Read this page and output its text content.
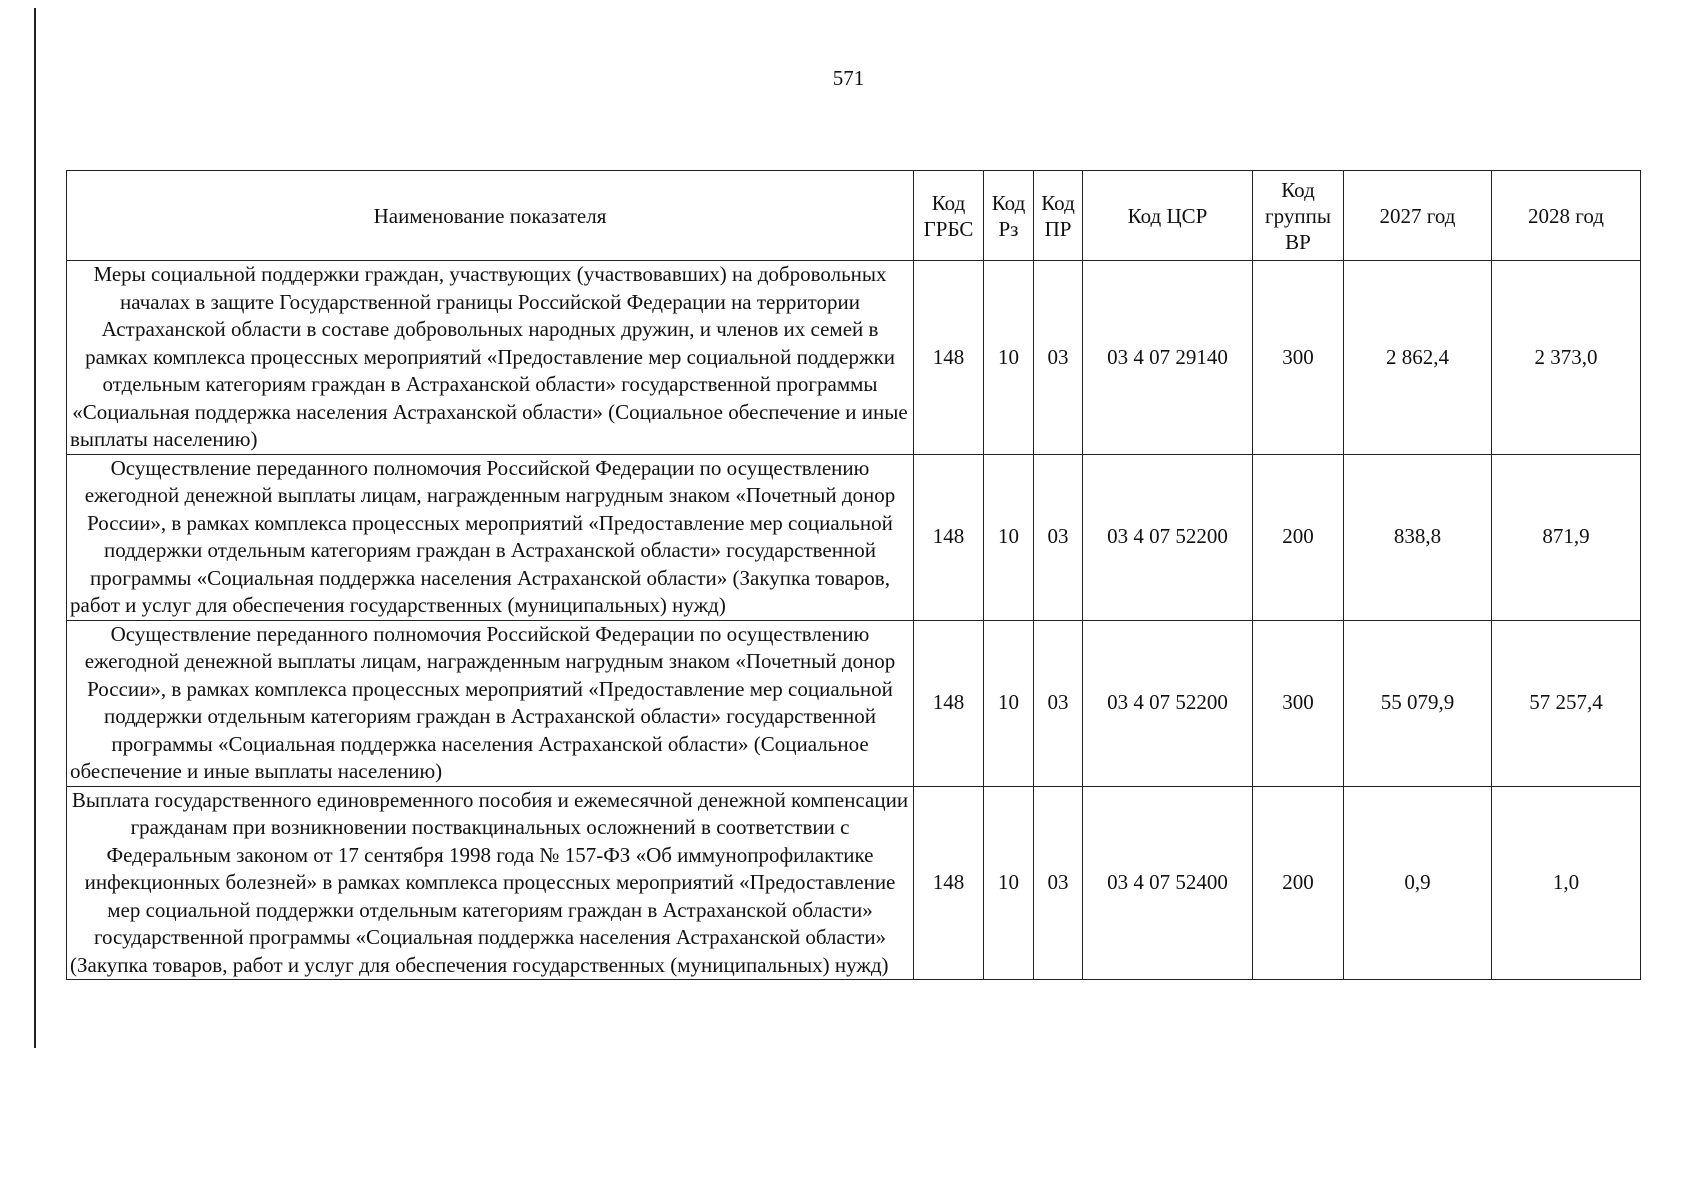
571
Наименование показателя	Код ГРБС	Код Рз	Код ПР	Код ЦСР	Код группы ВР	2027 год	2028 год
Меры социальной поддержки граждан, участвующих (участвовавших) на добровольных началах в защите Государственной границы Российской Федерации на территории Астраханской области в составе добровольных народных дружин, и членов их семей в рамках комплекса процессных мероприятий «Предоставление мер социальной поддержки отдельным категориям граждан в Астраханской области» государственной программы «Социальная поддержка населения Астраханской области» (Социальное обеспечение и иные выплаты населению)	148	10	03	03 4 07 29140	300	2 862,4	2 373,0
Осуществление переданного полномочия Российской Федерации по осуществлению ежегодной денежной выплаты лицам, награжденным нагрудным знаком «Почетный донор России», в рамках комплекса процессных мероприятий «Предоставление мер социальной поддержки отдельным категориям граждан в Астраханской области» государственной программы «Социальная поддержка населения Астраханской области» (Закупка товаров, работ и услуг для обеспечения государственных (муниципальных) нужд)	148	10	03	03 4 07 52200	200	838,8	871,9
Осуществление переданного полномочия Российской Федерации по осуществлению ежегодной денежной выплаты лицам, награжденным нагрудным знаком «Почетный донор России», в рамках комплекса процессных мероприятий «Предоставление мер социальной поддержки отдельным категориям граждан в Астраханской области» государственной программы «Социальная поддержка населения Астраханской области» (Социальное обеспечение и иные выплаты населению)	148	10	03	03 4 07 52200	300	55 079,9	57 257,4
Выплата государственного единовременного пособия и ежемесячной денежной компенсации гражданам при возникновении поствакцинальных осложнений в соответствии с Федеральным законом от 17 сентября 1998 года № 157-ФЗ «Об иммунопрофилактике инфекционных болезней» в рамках комплекса процессных мероприятий «Предоставление мер социальной поддержки отдельным категориям граждан в Астраханской области» государственной программы «Социальная поддержка населения Астраханской области» (Закупка товаров, работ и услуг для обеспечения государственных (муниципальных) нужд)	148	10	03	03 4 07 52400	200	0,9	1,0
